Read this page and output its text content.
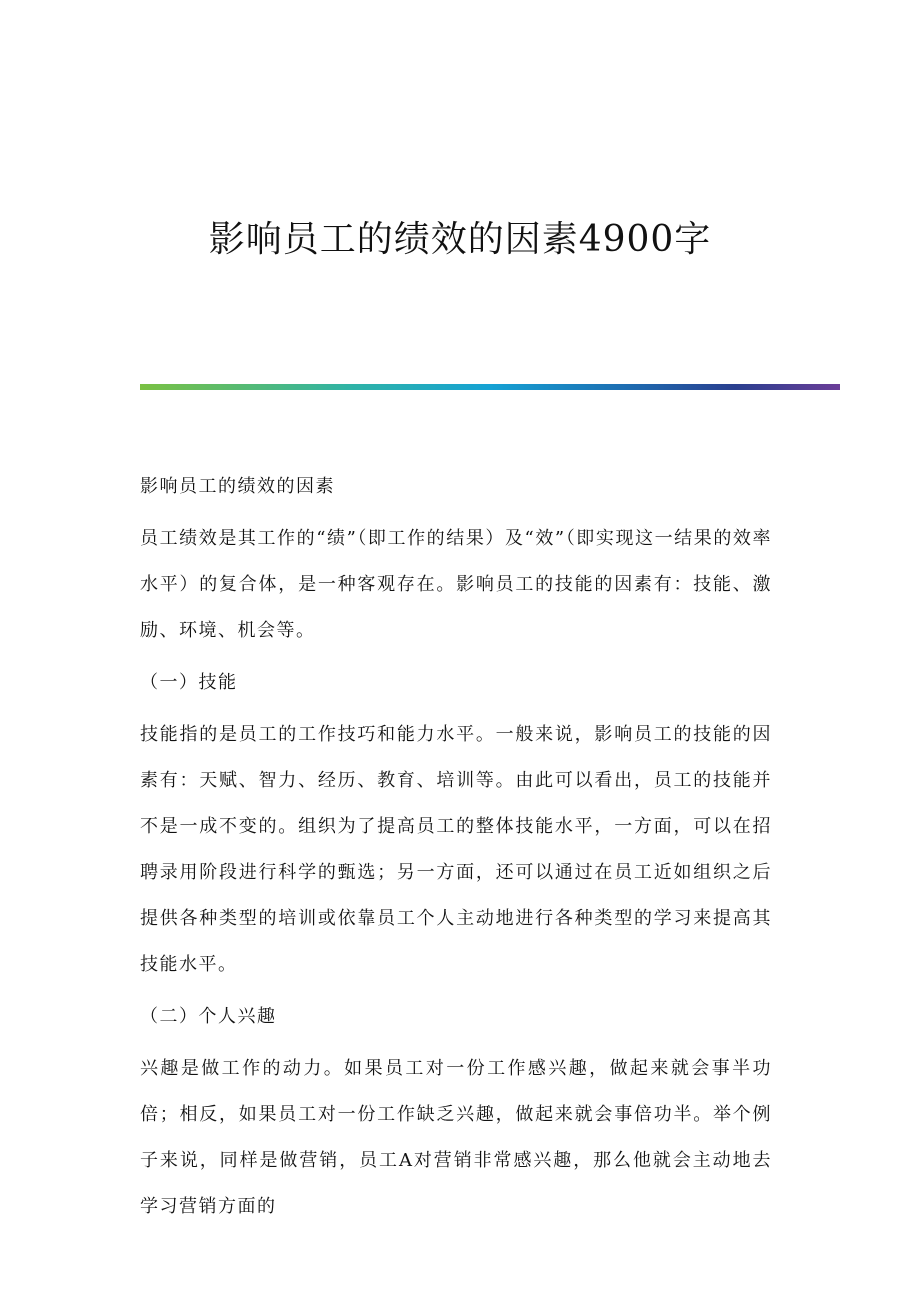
影响员工的绩效的因素4900字

影响员工的绩效的因素

员工绩效是其工作的“绩”（即工作的结果）及“效”（即实现这一结果的效率水平）的复合体，是一种客观存在。影响员工的技能的因素有：技能、激励、环境、机会等。

（一）技能

技能指的是员工的工作技巧和能力水平。一般来说，影响员工的技能的因素有：天赋、智力、经历、教育、培训等。由此可以看出，员工的技能并不是一成不变的。组织为了提高员工的整体技能水平，一方面，可以在招聘录用阶段进行科学的甄选；另一方面，还可以通过在员工近如组织之后提供各种类型的培训或依靠员工个人主动地进行各种类型的学习来提高其技能水平。

（二）个人兴趣

兴趣是做工作的动力。如果员工对一份工作感兴趣，做起来就会事半功倍；相反，如果员工对一份工作缺乏兴趣，做起来就会事倍功半。举个例子来说，同样是做营销，员工A对营销非常感兴趣，那么他就会主动地去学习营销方面的
